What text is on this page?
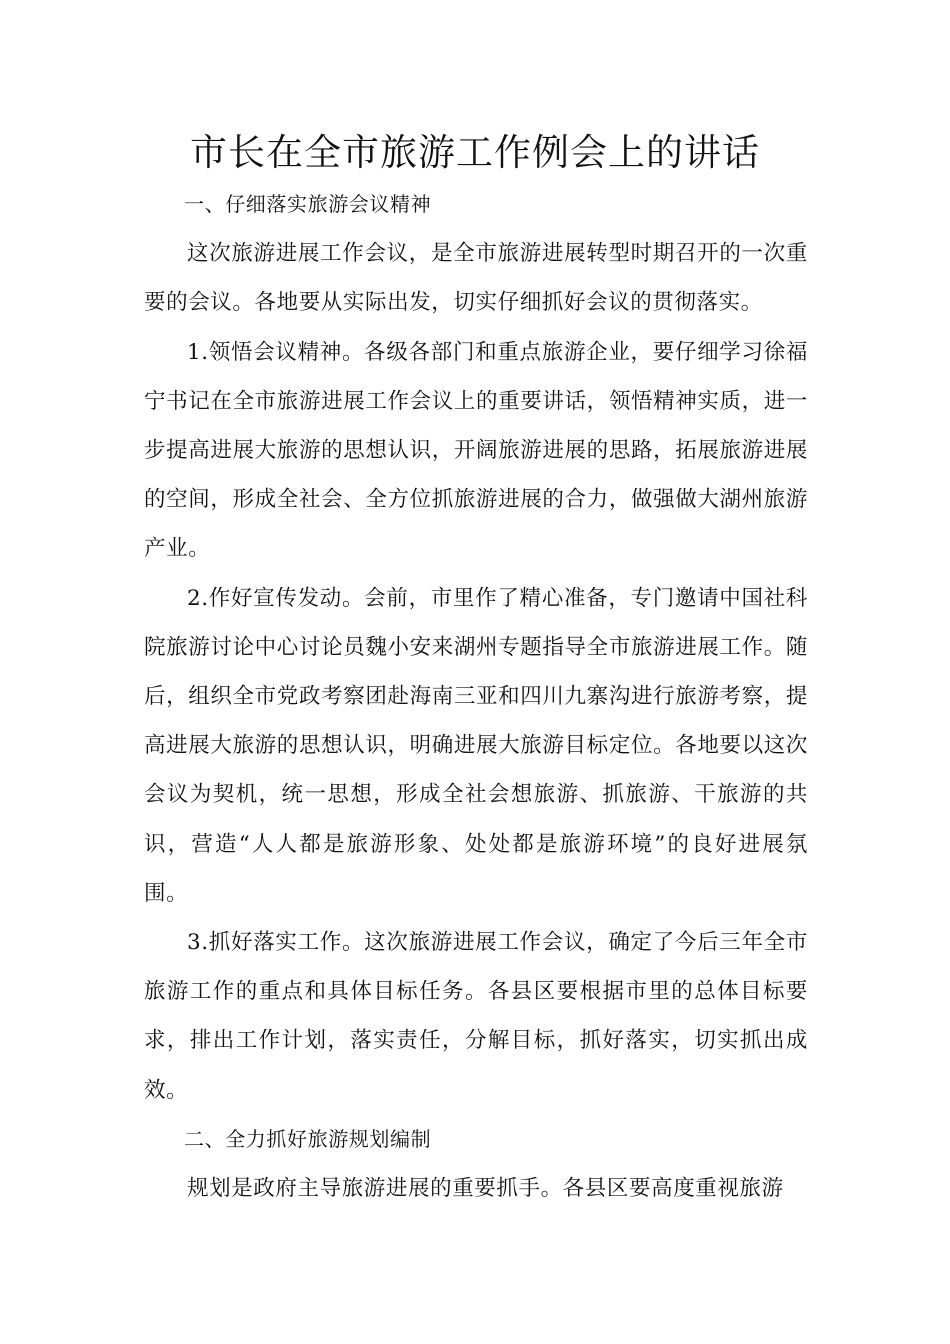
市长在全市旅游工作例会上的讲话

一、仔细落实旅游会议精神

这次旅游进展工作会议，是全市旅游进展转型时期召开的一次重要的会议。各地要从实际出发，切实仔细抓好会议的贯彻落实。

1.领悟会议精神。各级各部门和重点旅游企业，要仔细学习徐福宁书记在全市旅游进展工作会议上的重要讲话，领悟精神实质，进一步提高进展大旅游的思想认识，开阔旅游进展的思路，拓展旅游进展的空间，形成全社会、全方位抓旅游进展的合力，做强做大湖州旅游产业。

2.作好宣传发动。会前，市里作了精心准备，专门邀请中国社科院旅游讨论中心讨论员魏小安来湖州专题指导全市旅游进展工作。随后，组织全市党政考察团赴海南三亚和四川九寨沟进行旅游考察，提高进展大旅游的思想认识，明确进展大旅游目标定位。各地要以这次会议为契机，统一思想，形成全社会想旅游、抓旅游、干旅游的共识，营造“人人都是旅游形象、处处都是旅游环境”的良好进展氛围。

3.抓好落实工作。这次旅游进展工作会议，确定了今后三年全市旅游工作的重点和具体目标任务。各县区要根据市里的总体目标要求，排出工作计划，落实责任，分解目标，抓好落实，切实抓出成效。

二、全力抓好旅游规划编制

规划是政府主导旅游进展的重要抓手。各县区要高度重视旅游
